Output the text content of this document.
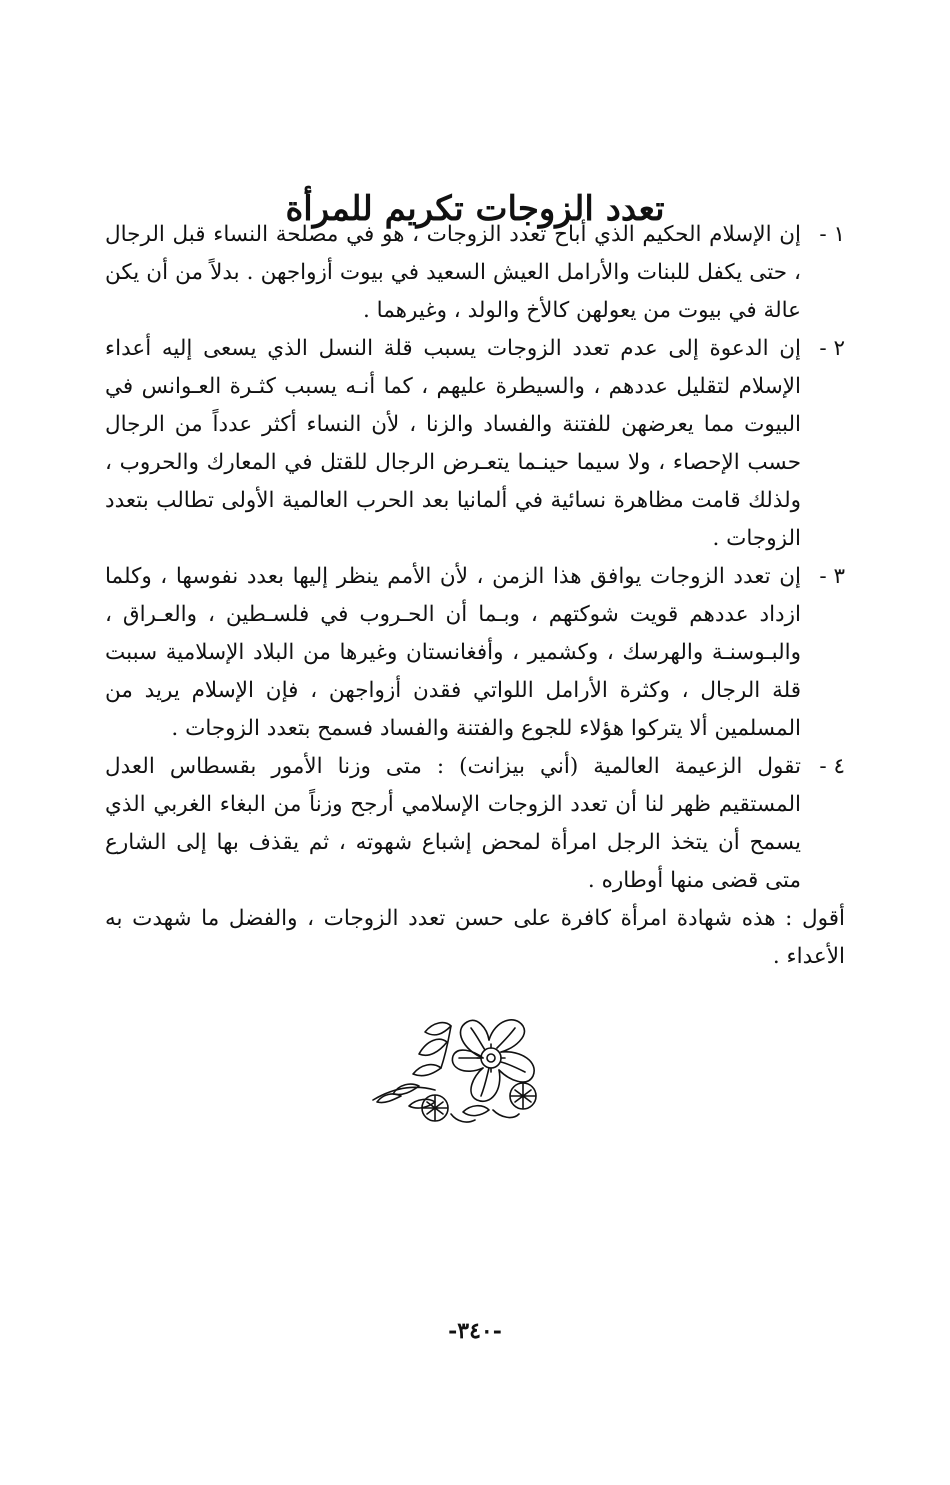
تعدد الزوجات تكريم للمرأة
١ -
إن الإسلام الحكيم الذي أباح تعدد الزوجات ، هو في مصلحة النساء قبل الرجال ، حتى يكفل للبنات والأرامل العيش السعيد في بيوت أزواجهن . بدلاً من أن يكن عالة في بيوت من يعولهن كالأخ والولد ، وغيرهما .
٢ -
إن الدعوة إلى عدم تعدد الزوجات يسبب قلة النسل الذي يسعى إليه أعداء الإسلام لتقليل عددهم ، والسيطرة عليهم ، كما أنـه يسبب كثـرة العـوانس في البيوت مما يعرضهن للفتنة والفساد والزنا ، لأن النساء أكثر عدداً من الرجال حسب الإحصاء ، ولا سيما حينـما يتعـرض الرجال للقتل في المعارك والحروب ، ولذلك قامت مظاهرة نسائية في ألمانيا بعد الحرب العالمية الأولى تطالب بتعدد الزوجات .
٣ -
إن تعدد الزوجات يوافق هذا الزمن ، لأن الأمم ينظر إليها بعدد نفوسها ، وكلما ازداد عددهم قويت شوكتهم ، وبـما أن الحـروب في فلسـطين ، والعـراق ، والبـوسنـة والهرسك ، وكشمير ، وأفغانستان وغيرها من البلاد الإسلامية سببت قلة الرجال ، وكثرة الأرامل اللواتي فقدن أزواجهن ، فإن الإسلام يريد من المسلمين ألا يتركوا هؤلاء للجوع والفتنة والفساد فسمح بتعدد الزوجات .
٤ -
تقول الزعيمة العالمية (أني بيزانت) : متى وزنا الأمور بقسطاس العدل المستقيم ظهر لنا أن تعدد الزوجات الإسلامي أرجح وزناً من البغاء الغربي الذي يسمح أن يتخذ الرجل امرأة لمحض إشباع شهوته ، ثم يقذف بها إلى الشارع متى قضى منها أوطاره .
أقول : هذه شهادة امرأة كافرة على حسن تعدد الزوجات ، والفضل ما شهدت به الأعداء .
-٣٤٠-
